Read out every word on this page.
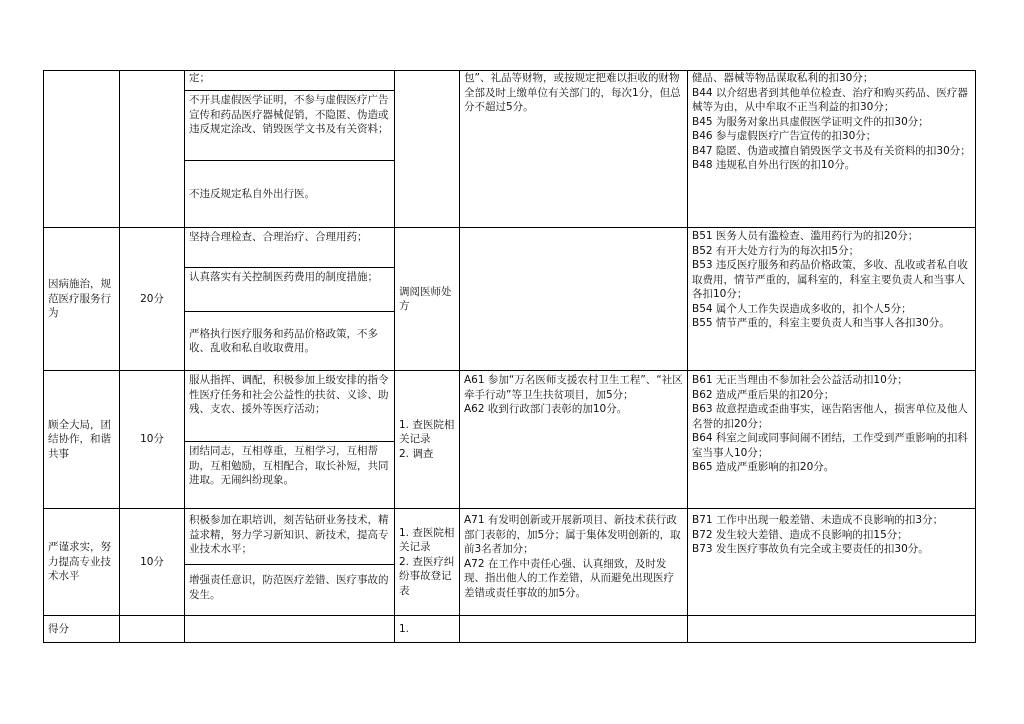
定；
不开具虚假医学证明，不参与虚假医疗广告宣传和药品医疗器械促销，不隐匿、伪造或违反规定涂改、销毁医学文书及有关资料；
不违反规定私自外出行医。
包”、礼品等财物，或按规定把难以拒收的财物全部及时上缴单位有关部门的，每次1分，但总分不超过5分。
健品、器械等物品谋取私利的扣30分；
B44 以介绍患者到其他单位检查、治疗和购买药品、医疗器械等为由，从中牟取不正当利益的扣30分；
B45 为服务对象出具虚假医学证明文件的扣30分；
B46 参与虚假医疗广告宣传的扣30分；
B47 隐匿、伪造或擅自销毁医学文书及有关资料的扣30分；
B48 违规私自外出行医的扣10分。
因病施治，规范医疗服务行为
20分
坚持合理检查、合理治疗、合理用药；
认真落实有关控制医药费用的制度措施；
严格执行医疗服务和药品价格政策，不多收、乱收和私自收取费用。
调阅医师处方
B51 医务人员有滥检查、滥用药行为的扣20分；
B52 有开大处方行为的每次扣5分；
B53 违反医疗服务和药品价格政策，多收、乱收或者私自收取费用，情节严重的，属科室的，科室主要负责人和当事人各扣10分；
B54 属个人工作失误造成多收的，扣个人5分；
B55 情节严重的，科室主要负责人和当事人各扣30分。
顾全大局，团结协作，和谐共事
10分
服从指挥、调配，积极参加上级安排的指令性医疗任务和社会公益性的扶贫、义诊、助残、支农、援外等医疗活动；
团结同志，互相尊重，互相学习，互相帮助，互相勉励，互相配合，取长补短，共同进取。无闹纠纷现象。
1. 查医院相关记录
2. 调查
A61 参加“万名医师支援农村卫生工程”、“社区牵手行动”等卫生扶贫项目，加5分；
A62 收到行政部门表彰的加10分。
B61 无正当理由不参加社会公益活动扣10分；
B62 造成严重后果的扣20分；
B63 故意捏造或歪曲事实，诬告陷害他人，损害单位及他人名誉的扣20分；
B64 科室之间或同事间闹不团结，工作受到严重影响的扣科室当事人10分；
B65 造成严重影响的扣20分。
严谨求实，努力提高专业技术水平
10分
积极参加在职培训，刻苦钻研业务技术，精益求精，努力学习新知识、新技术，提高专业技术水平；
增强责任意识，防范医疗差错、医疗事故的发生。
1. 查医院相关记录
2. 查医疗纠纷事故登记表
A71 有发明创新或开展新项目、新技术获行政部门表彰的，加5分；属于集体发明创新的，取前3名者加分；
A72 在工作中责任心强、认真细致，及时发现、指出他人的工作差错，从而避免出现医疗差错或责任事故的加5分。
B71 工作中出现一般差错、未造成不良影响的扣3分；
B72 发生较大差错、造成不良影响的扣15分；
B73 发生医疗事故负有完全或主要责任的扣30分。
得分	1.
